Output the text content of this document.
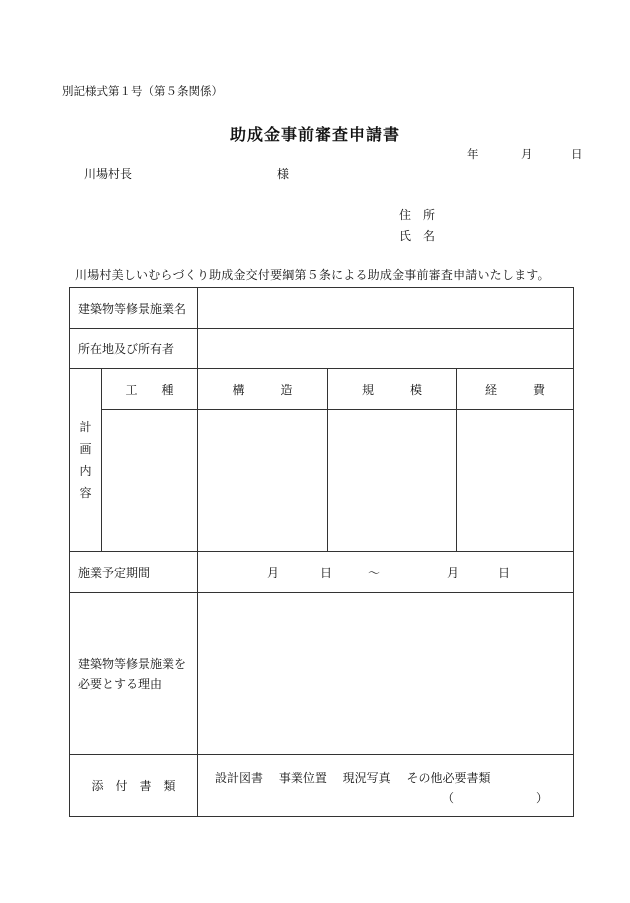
別記様式第１号（第５条関係）
助成金事前審査申請書
年	月	日
川場村長	様
住　所
氏　名
川場村美しいむらづくり助成金交付要綱第５条による助成金事前審査申請いたします。
建築物等修景施業名				
所在地及び所有者				

計
画
内
容	工　　種	構　　　造	規　　　模	経　　　費

施業予定期間		月 日 ～ 月 日		

建築物等修景施業を
必要とする理由				

添　付　書　類		設計図書　 事業位置　 現況写真　 その他必要書類
（ ）		
